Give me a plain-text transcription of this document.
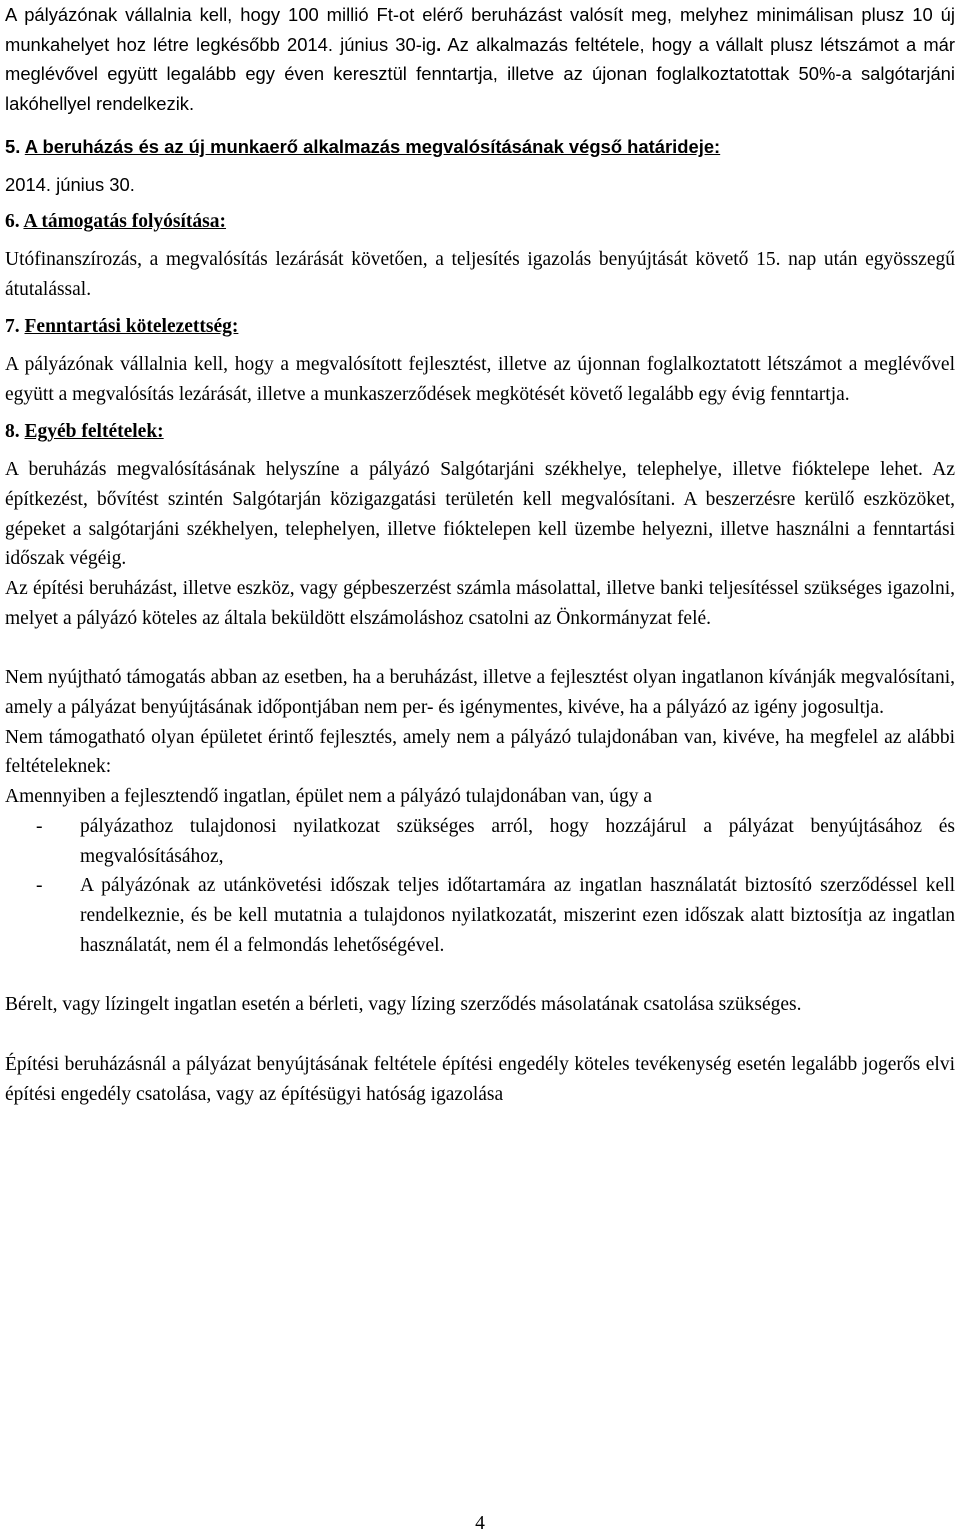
A pályázónak vállalnia kell, hogy 100 millió Ft-ot elérő beruházást valósít meg, melyhez minimálisan plusz 10 új munkahelyet hoz létre legkésőbb 2014. június 30-ig. Az alkalmazás feltétele, hogy a vállalt plusz létszámot a már meglévővel együtt legalább egy éven keresztül fenntartja, illetve az újonan foglalkoztatottak 50%-a salgótarjáni lakóhellyel rendelkezik.

5. A beruházás és az új munkaerő alkalmazás megvalósításának végső határideje:

2014. június 30.

6. A támogatás folyósítása:

Utófinanszírozás, a megvalósítás lezárását követően, a teljesítés igazolás benyújtását követő 15. nap után egyösszegű átutalással.

7. Fenntartási kötelezettség:

A pályázónak vállalnia kell, hogy a megvalósított fejlesztést, illetve az újonnan foglalkoztatott létszámot a meglévővel együtt a megvalósítás lezárását, illetve a munkaszerződések megkötését követő legalább egy évig fenntartja.

8. Egyéb feltételek:

A beruházás megvalósításának helyszíne a pályázó Salgótarjáni székhelye, telephelye, illetve fióktelepe lehet. Az építkezést, bővítést szintén Salgótarján közigazgatási területén kell megvalósítani. A beszerzésre kerülő eszközöket, gépeket a salgótarjáni székhelyen, telephelyen, illetve fióktelepen kell üzembe helyezni, illetve használni a fenntartási időszak végéig.

Az építési beruházást, illetve eszköz, vagy gépbeszerzést számla másolattal, illetve banki teljesítéssel szükséges igazolni, melyet a pályázó köteles az általa beküldött elszámoláshoz csatolni az Önkormányzat felé.

Nem nyújtható támogatás abban az esetben, ha a beruházást, illetve a fejlesztést olyan ingatlanon kívánják megvalósítani, amely a pályázat benyújtásának időpontjában nem per- és igénymentes, kivéve, ha a pályázó az igény jogosultja.

Nem támogatható olyan épületet érintő fejlesztés, amely nem a pályázó tulajdonában van, kivéve, ha megfelel az alábbi feltételeknek:

Amennyiben a fejlesztendő ingatlan, épület nem a pályázó tulajdonában van, úgy a

- pályázathoz tulajdonosi nyilatkozat szükséges arról, hogy hozzájárul a pályázat benyújtásához és megvalósításához,
- A pályázónak az utánkövetési időszak teljes időtartamára az ingatlan használatát biztosító szerződéssel kell rendelkeznie, és be kell mutatnia a tulajdonos nyilatkozatát, miszerint ezen időszak alatt biztosítja az ingatlan használatát, nem él a felmondás lehetőségével.

Bérelt, vagy lízingelt ingatlan esetén a bérleti, vagy lízing szerződés másolatának csatolása szükséges.

Építési beruházásnál a pályázat benyújtásának feltétele építési engedély köteles tevékenység esetén legalább jogerős elvi építési engedély csatolása, vagy az építésügyi hatóság igazolása

4
